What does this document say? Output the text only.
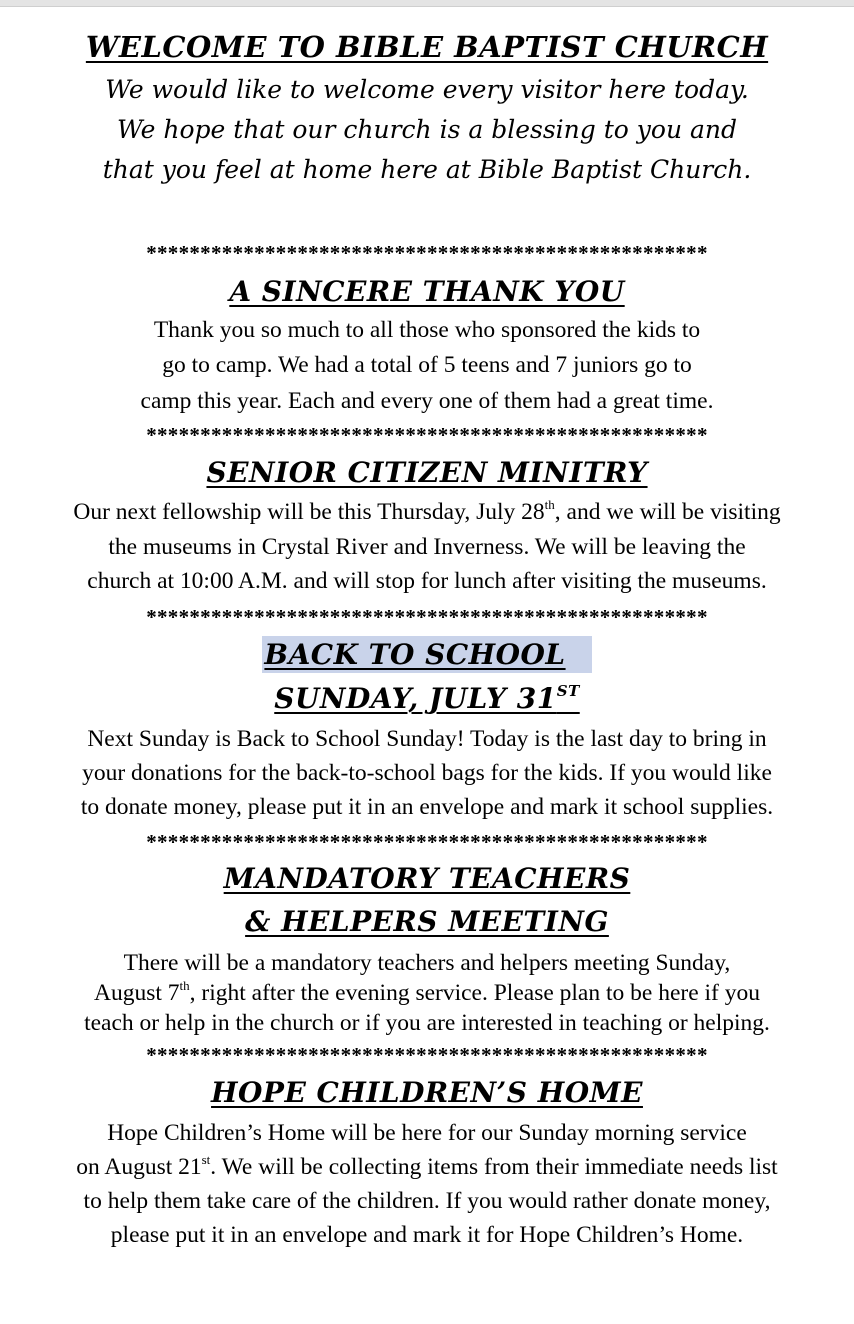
WELCOME TO BIBLE BAPTIST CHURCH
We would like to welcome every visitor here today.
We hope that our church is a blessing to you and
that you feel at home here at Bible Baptist Church.
****************************************************
A SINCERE THANK YOU
Thank you so much to all those who sponsored the kids to
go to camp. We had a total of 5 teens and 7 juniors go to
camp this year. Each and every one of them had a great time.
****************************************************
SENIOR CITIZEN MINITRY
Our next fellowship will be this Thursday, July 28th, and we will be visiting
the museums in Crystal River and Inverness. We will be leaving the
church at 10:00 A.M. and will stop for lunch after visiting the museums.
****************************************************
BACK TO SCHOOL
SUNDAY, JULY 31ST
Next Sunday is Back to School Sunday! Today is the last day to bring in
your donations for the back-to-school bags for the kids. If you would like
to donate money, please put it in an envelope and mark it school supplies.
****************************************************
MANDATORY TEACHERS
& HELPERS MEETING
There will be a mandatory teachers and helpers meeting Sunday,
August 7th, right after the evening service. Please plan to be here if you
teach or help in the church or if you are interested in teaching or helping.
****************************************************
HOPE CHILDREN’S HOME
Hope Children’s Home will be here for our Sunday morning service
on August 21st. We will be collecting items from their immediate needs list
to help them take care of the children. If you would rather donate money,
please put it in an envelope and mark it for Hope Children’s Home.
